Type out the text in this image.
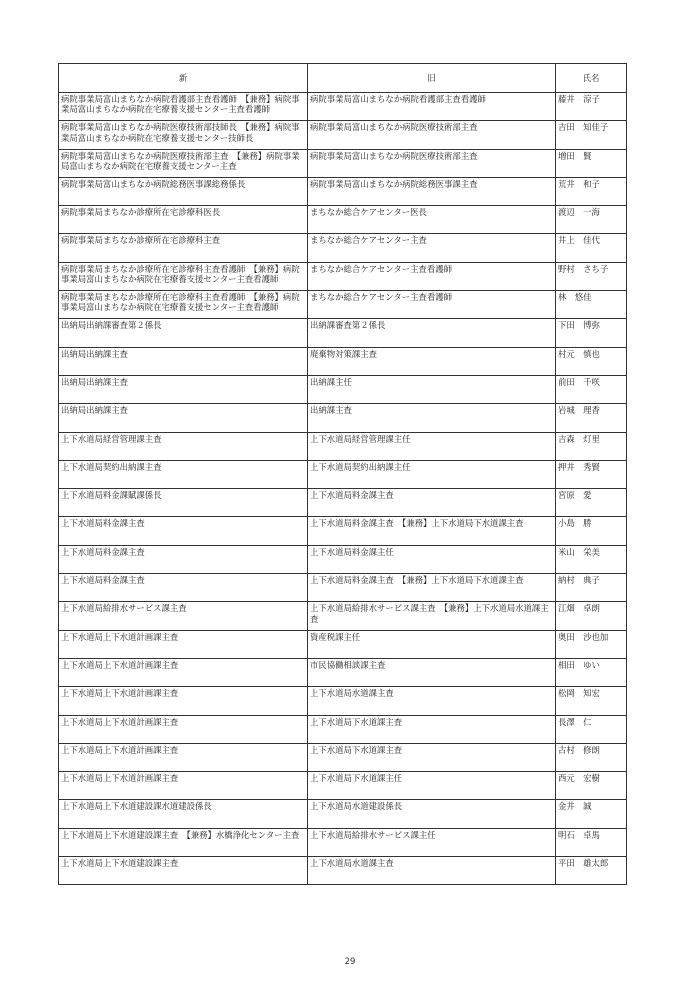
新	旧	氏名
病院事業局富山まちなか病院看護部主査看護師　【兼務】病院事業局富山まちなか病院在宅療養支援センター主査看護師	病院事業局富山まちなか病院看護部主査看護師	藤井　涼子
病院事業局富山まちなか病院医療技術部技師長　【兼務】病院事業局富山まちなか病院在宅療養支援センター技師長	病院事業局富山まちなか病院医療技術部主査	吉田　知佳子
病院事業局富山まちなか病院医療技術部主査　【兼務】病院事業局富山まちなか病院在宅療養支援センター主査	病院事業局富山まちなか病院医療技術部主査	増田　賢
病院事業局富山まちなか病院総務医事課総務係長	病院事業局富山まちなか病院総務医事課主査	荒井　和子
病院事業局まちなか診療所在宅診療科医長	まちなか総合ケアセンター医長	渡辺　一海
病院事業局まちなか診療所在宅診療科主査	まちなか総合ケアセンター主査	井上　佳代
病院事業局まちなか診療所在宅診療科主査看護師　【兼務】病院事業局富山まちなか病院在宅療養支援センター主査看護師	まちなか総合ケアセンター主査看護師	野村　さち子
病院事業局まちなか診療所在宅診療科主査看護師　【兼務】病院事業局富山まちなか病院在宅療養支援センター主査看護師	まちなか総合ケアセンター主査看護師	林　悠佳
出納局出納課審査第２係長	出納課審査第２係長	下田　博弥
出納局出納課主査	廃棄物対策課主査	村元　慎也
出納局出納課主査	出納課主任	前田　千咲
出納局出納課主査	出納課主査	岩城　理香
上下水道局経営管理課主査	上下水道局経営管理課主任	吉森　灯里
上下水道局契約出納課主査	上下水道局契約出納課主任	押井　秀賢
上下水道局料金課賦課係長	上下水道局料金課主査	宮原　愛
上下水道局料金課主査	上下水道局料金課主査　【兼務】上下水道局下水道課主査	小島　勝
上下水道局料金課主査	上下水道局料金課主任	米山　栄美
上下水道局料金課主査	上下水道局料金課主査　【兼務】上下水道局下水道課主査	納村　典子
上下水道局給排水サービス課主査	上下水道局給排水サービス課主査　【兼務】上下水道局水道課主査	江畑　卓朗
上下水道局上下水道計画課主査	資産税課主任	奥田　沙也加
上下水道局上下水道計画課主査	市民協働相談課主査	相田　ゆい
上下水道局上下水道計画課主査	上下水道局水道課主査	松岡　知宏
上下水道局上下水道計画課主査	上下水道局下水道課主査	長澤　仁
上下水道局上下水道計画課主査	上下水道局下水道課主査	古村　修朗
上下水道局上下水道計画課主査	上下水道局下水道課主任	西元　宏樹
上下水道局上下水道建設課水道建設係長	上下水道局水道建設係長	金井　誠
上下水道局上下水道建設課主査　【兼務】水橋浄化センター主査	上下水道局給排水サービス課主任	明石　卓馬
上下水道局上下水道建設課主査	上下水道局水道課主査	平田　雄太郎
29
